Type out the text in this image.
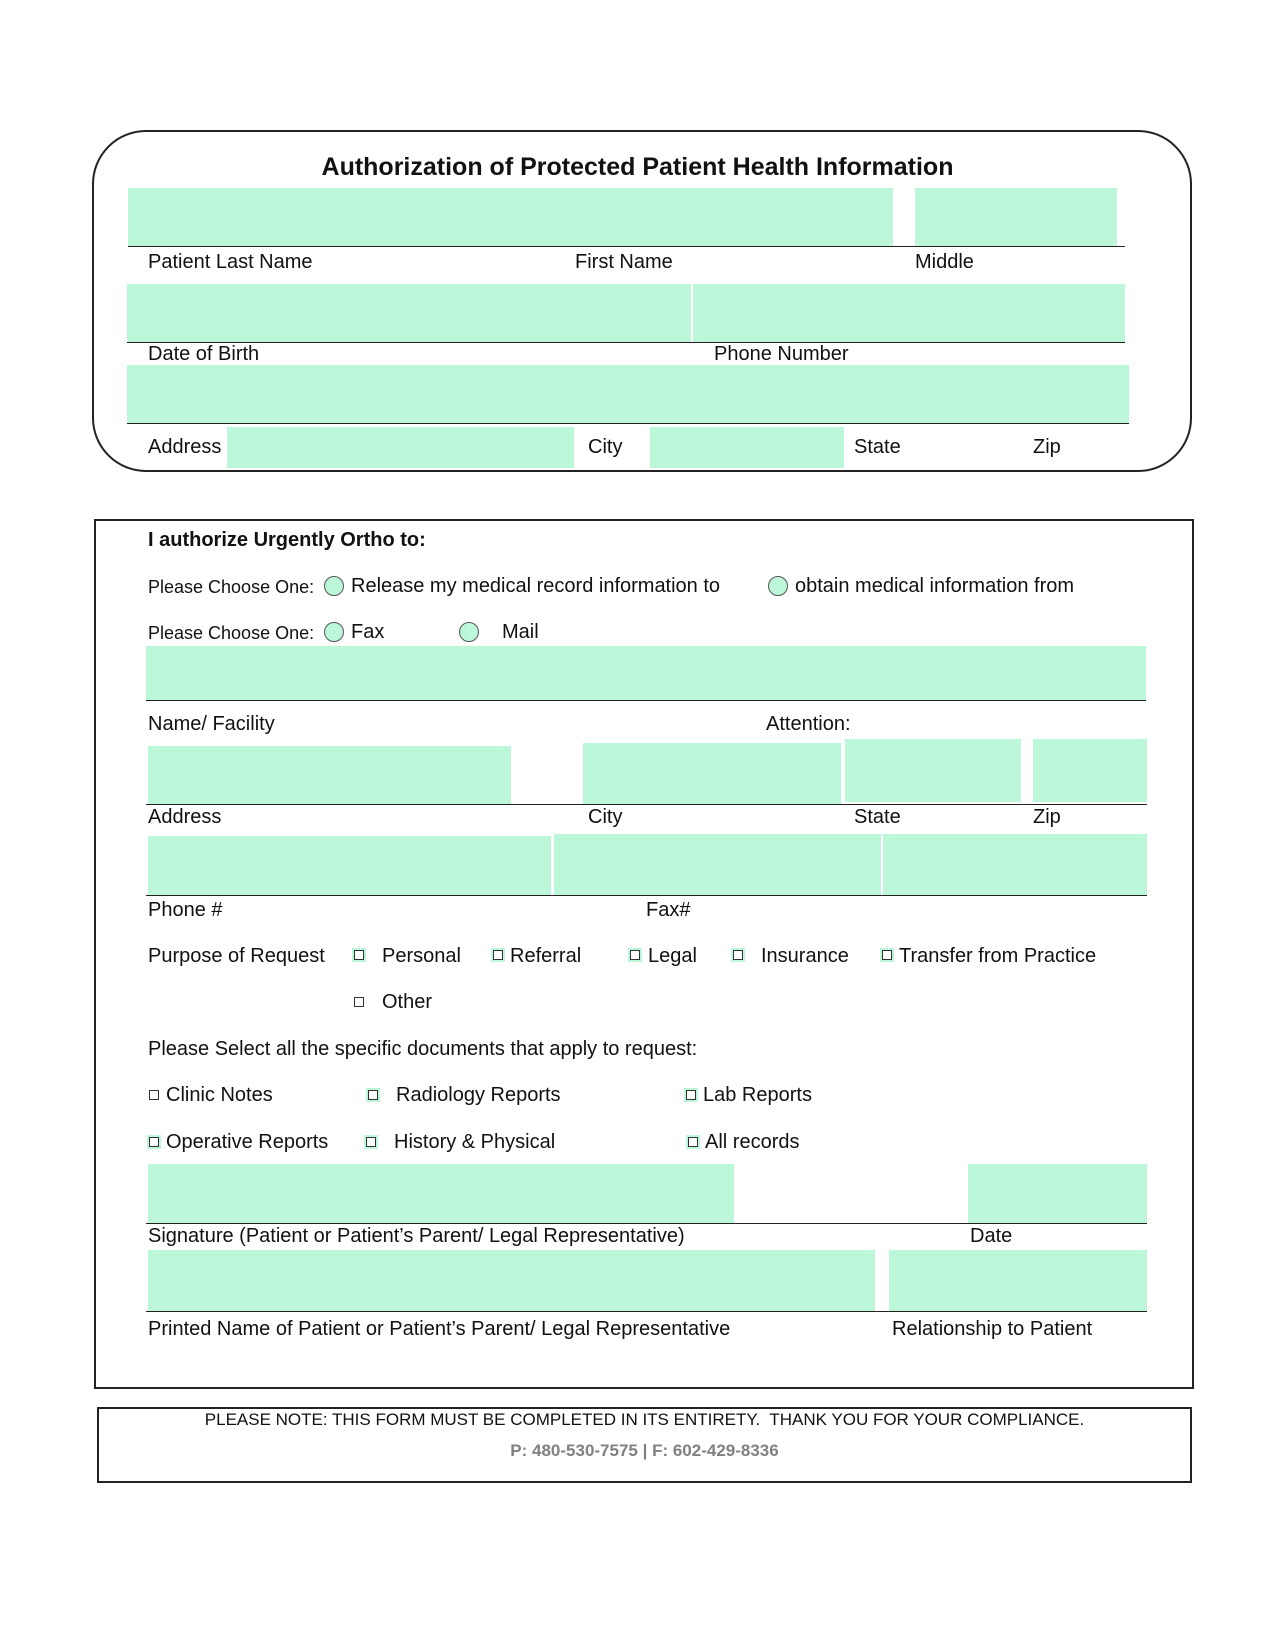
Authorization of Protected Patient Health Information
Patient Last Name	First Name	Middle
Date of Birth	Phone Number
Address	City	State	Zip
I authorize Urgently Ortho to:
Please Choose One: Release my medical record information to	obtain medical information from
Please Choose One: Fax	Mail
Name/ Facility	Attention:
Address	City	State	Zip
Phone #	Fax#
Purpose of Request	Personal Referral	Legal	Insurance	Transfer from Practice
Other
Please Select all the specific documents that apply to request:
Clinic Notes	Radiology Reports	Lab Reports
Operative Reports	History & Physical	All records
Signature (Patient or Patient’s Parent/ Legal Representative)	Date
Printed Name of Patient or Patient’s Parent/ Legal Representative	Relationship to Patient
PLEASE NOTE: THIS FORM MUST BE COMPLETED IN ITS ENTIRETY.  THANK YOU FOR YOUR COMPLIANCE.
P: 480-530-7575 | F: 602-429-8336
